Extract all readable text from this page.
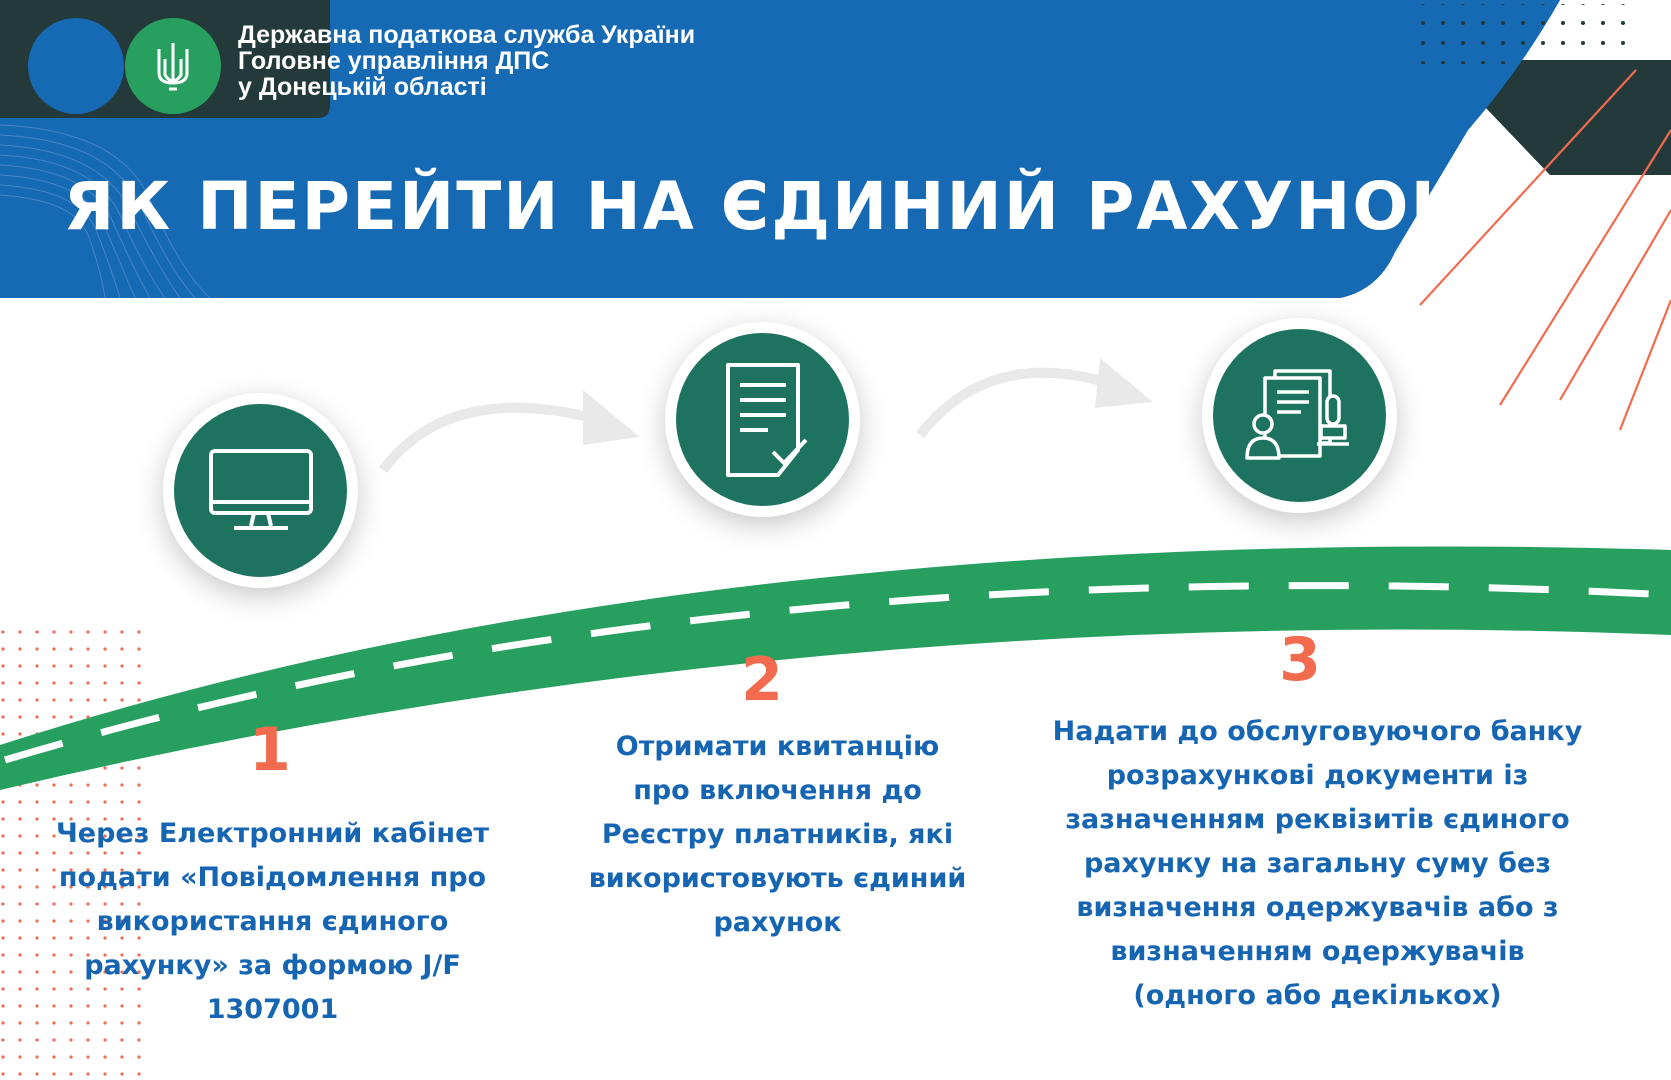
Державна податкова служба України
Головне управління ДПС
у Донецькій області
ЯК ПЕРЕЙТИ НА ЄДИНИЙ РАХУНОК
1
2	3
Через Електронний кабінет подати «Повідомлення про використання єдиного рахунку» за формою J/F 1307001
Отримати квитанцію про включення до Реєстру платників, які використовують єдиний рахунок
Надати до обслуговуючого банку розрахункові документи із зазначенням реквізитів єдиного рахунку на загальну суму без визначення одержувачів або з визначенням одержувачів (одного або декількох)
